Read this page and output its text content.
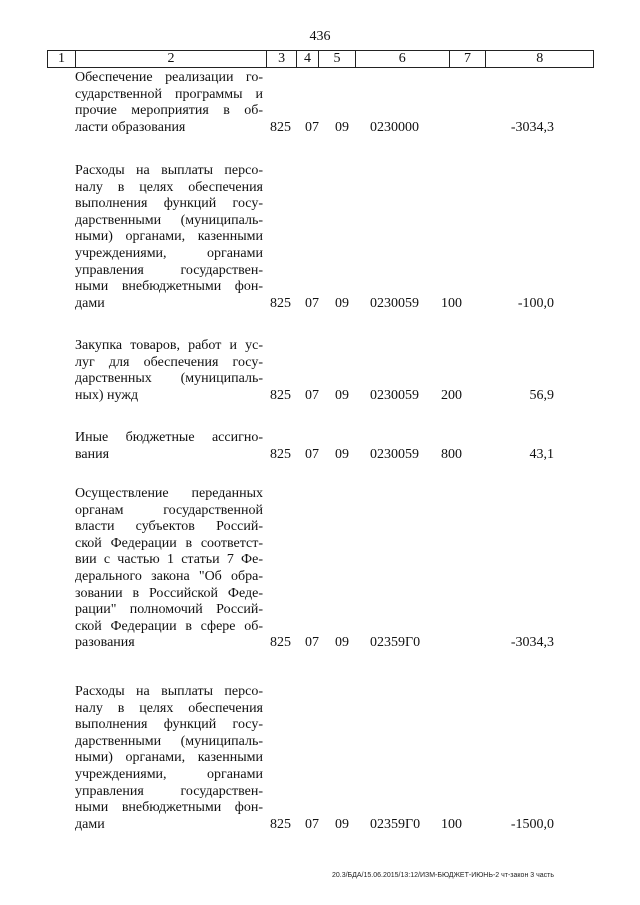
436
1	2	3	4	5	6	7	8
Обеспечение реализации го-
сударственной программы и
прочие мероприятия в об-
ласти образования	825 07 09 0230000	-3034,3
Расходы на выплаты персо-
налу в целях обеспечения
выполнения функций госу-
дарственными (муниципаль-
ными) органами, казенными
учреждениями, органами
управления государствен-
ными внебюджетными фон-
дами	825 07 09 0230059 100	-100,0
Закупка товаров, работ и ус-
луг для обеспечения госу-
дарственных (муниципаль-
ных) нужд	825 07 09 0230059 200	56,9
Иные бюджетные ассигно-
вания	825 07 09 0230059 800	43,1
Осуществление переданных
органам государственной
власти субъектов Россий-
ской Федерации в соответст-
вии с частью 1 статьи 7 Фе-
дерального закона "Об обра-
зовании в Российской Феде-
рации" полномочий Россий-
ской Федерации в сфере об-
разования	825 07 09 02359Г0	-3034,3
Расходы на выплаты персо-
налу в целях обеспечения
выполнения функций госу-
дарственными (муниципаль-
ными) органами, казенными
учреждениями, органами
управления государствен-
ными внебюджетными фон-
дами	825 07 09 02359Г0 100	-1500,0
20.3/БДА/15.06.2015/13:12/ИЗМ-БЮДЖЕТ-ИЮНЬ-2 чт-закон 3 часть
